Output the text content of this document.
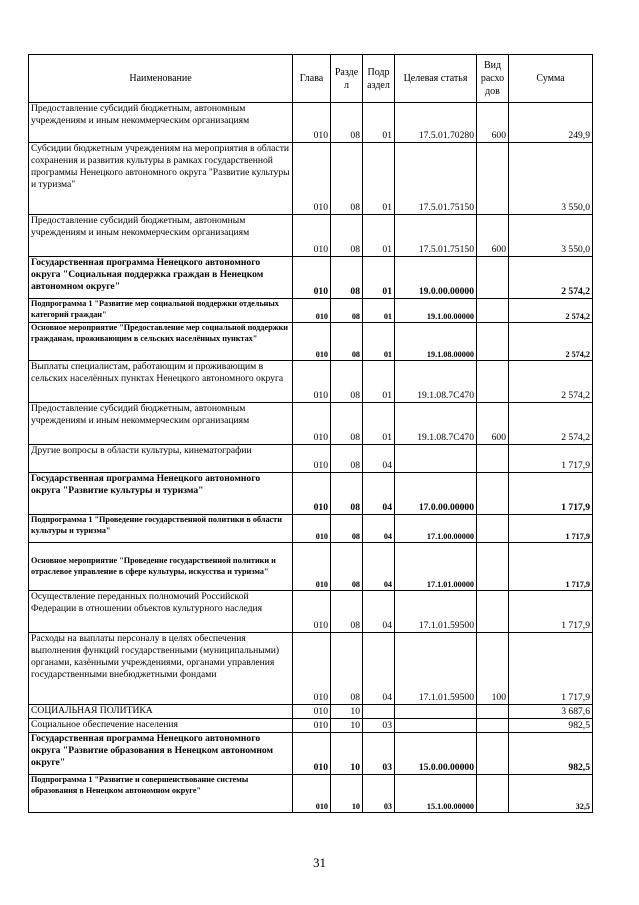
Наименование	Глава	Разде л	Подр аздел	Целевая статья	Вид расхо дов	Сумма
Предоставление субсидий бюджетным, автономным учреждениям и иным некоммерческим организациям	010	08	01	17.5.01.70280	600	249,9
Субсидии бюджетным учреждениям на мероприятия в области сохранения и развития культуры в рамках государственной программы Ненецкого автономного округа "Развитие культуры и туризма"	010	08	01	17.5.01.75150		3 550,0
Предоставление субсидий бюджетным, автономным учреждениям и иным некоммерческим организациям	010	08	01	17.5.01.75150	600	3 550,0
Государственная программа Ненецкого автономного округа "Социальная поддержка граждан в Ненецком автономном округе"	010	08	01	19.0.00.00000		2 574,2
Подпрограмма 1 "Развитие мер социальной поддержки отдельных категорий граждан"	010	08	01	19.1.00.00000		2 574,2
Основное мероприятие "Предоставление мер социальной поддержки гражданам, проживающим в сельских населённых пунктах"	010	08	01	19.1.08.00000		2 574,2
Выплаты специалистам, работающим и проживающим в сельских населённых пунктах Ненецкого автономного округа	010	08	01	19.1.08.7С470		2 574,2
Предоставление субсидий бюджетным, автономным учреждениям и иным некоммерческим организациям	010	08	01	19.1.08.7С470	600	2 574,2
Другие вопросы в области культуры, кинематографии	010	08	04			1 717,9
Государственная программа Ненецкого автономного округа "Развитие культуры и туризма"	010	08	04	17.0.00.00000		1 717,9
Подпрограмма 1 "Проведение государственной политики в области культуры и туризма"	010	08	04	17.1.00.00000		1 717,9
Основное мероприятие "Проведение государственной политики и отраслевое управление в сфере культуры, искусства и туризма"	010	08	04	17.1.01.00000		1 717,9
Осуществление переданных полномочий Российской Федерации в отношении объектов культурного наследия	010	08	04	17.1.01.59500		1 717,9
Расходы на выплаты персоналу в целях обеспечения выполнения функций государственными (муниципальными) органами, казёнными учреждениями, органами управления государственными внебюджетными фондами	010	08	04	17.1.01.59500	100	1 717,9
СОЦИАЛЬНАЯ ПОЛИТИКА	010	10				3 687,6
Социальное обеспечение населения	010	10	03			982,5
Государственная программа Ненецкого автономного округа "Развитие образования в Ненецком автономном округе"	010	10	03	15.0.00.00000		982,5
Подпрограмма 1 "Развитие и совершенствование системы образования в Ненецком автономном округе"	010	10	03	15.1.00.00000		32,5
31
